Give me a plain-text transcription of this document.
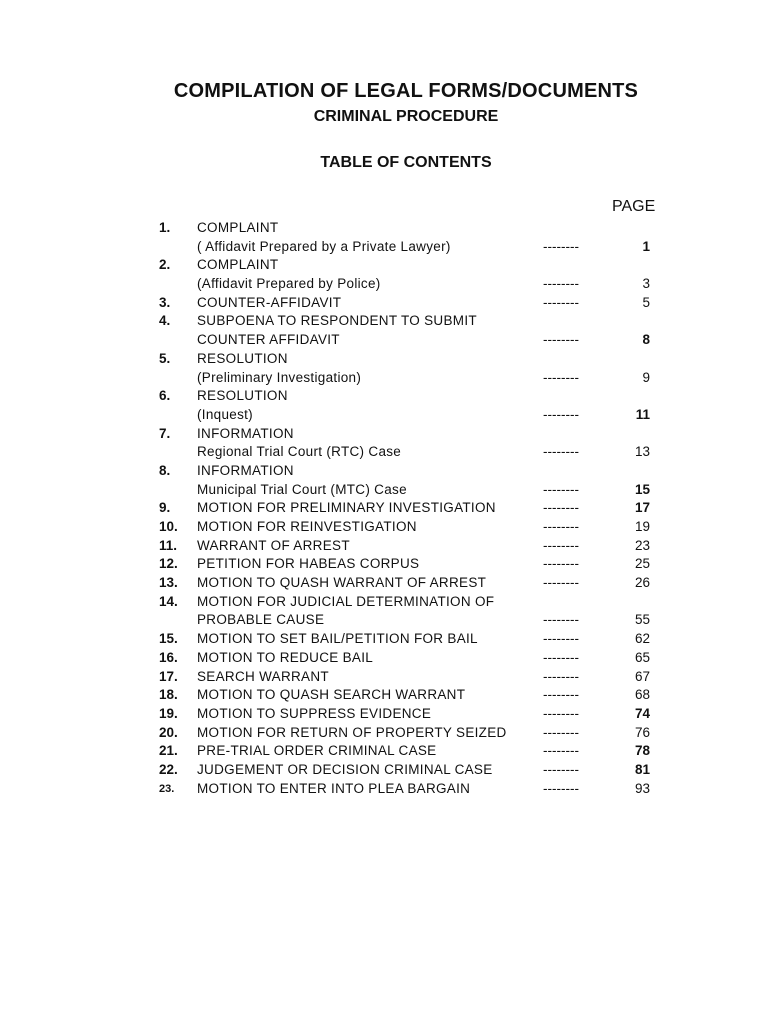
COMPILATION OF LEGAL FORMS/DOCUMENTS
CRIMINAL PROCEDURE
TABLE OF CONTENTS
PAGE
1. COMPLAINT
( Affidavit Prepared by a Private Lawyer)	--------	1
2. COMPLAINT
(Affidavit Prepared by Police)	--------	3
3. COUNTER-AFFIDAVIT	--------	5
4. SUBPOENA TO RESPONDENT TO SUBMIT
COUNTER AFFIDAVIT	--------	8
5. RESOLUTION
(Preliminary Investigation)	--------	9
6. RESOLUTION
(Inquest)	--------	11
7. INFORMATION
Regional Trial Court (RTC) Case	--------	13
8. INFORMATION
Municipal Trial Court (MTC) Case	--------	15
9. MOTION FOR PRELIMINARY INVESTIGATION	--------	17
10. MOTION FOR REINVESTIGATION	--------	19
11. WARRANT OF ARREST	--------	23
12. PETITION FOR HABEAS CORPUS	--------	25
13. MOTION TO QUASH WARRANT OF ARREST	--------	26
14. MOTION FOR JUDICIAL DETERMINATION OF
PROBABLE CAUSE	--------	55
15. MOTION TO SET BAIL/PETITION FOR BAIL	--------	62
16. MOTION TO REDUCE BAIL	--------	65
17. SEARCH WARRANT	--------	67
18. MOTION TO QUASH SEARCH WARRANT	--------	68
19. MOTION TO SUPPRESS EVIDENCE	--------	74
20. MOTION FOR RETURN OF PROPERTY SEIZED	--------	76
21. PRE-TRIAL ORDER CRIMINAL CASE	--------	78
22. JUDGEMENT OR DECISION CRIMINAL CASE	--------	81
23. MOTION TO ENTER INTO PLEA BARGAIN	--------	93
